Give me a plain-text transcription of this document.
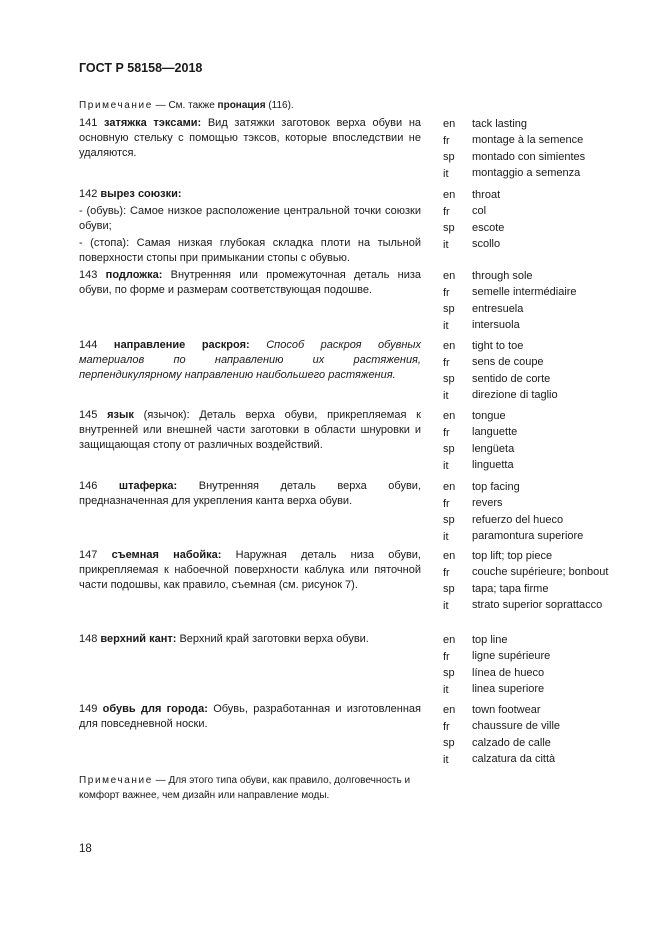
ГОСТ Р 58158—2018
Примечание — См. также пронация (116).

141 затяжка тэксами: Вид затяжки заготовок верха обуви на основную стельку с помощью тэксов, которые впоследствии не удаляются.

en	tack lasting
fr	montage à la semence
sp	montado con simientes
it	montaggio a semenza

142 вырез союзки:

- (обувь): Самое низкое расположение центральной точки союзки обуви;

- (стопа): Самая низкая глубокая складка плоти на тыльной поверхности стопы при примыкании стопы с обувью.

en	throat
fr	col
sp	escote
it	scollo

143 подложка: Внутренняя или промежуточная деталь низа обуви, по форме и размерам соответствующая подошве.

en	through sole
fr	semelle intermédiaire
sp	entresuela
it	intersuola

144 направление раскроя: Способ раскроя обувных материалов по направлению их растяжения, перпендикулярному направлению наибольшего растяжения.

en	tight to toe
fr	sens de coupe
sp	sentido de corte
it	direzione di taglio

145 язык (язычок): Деталь верха обуви, прикрепляемая к внутренней или внешней части заготовки в области шнуровки и защищающая стопу от различных воздействий.

en	tongue
fr	languette
sp	lengüeta
it	linguetta

146 штаферка: Внутренняя деталь верха обуви, предназначенная для укрепления канта верха обуви.

en	top facing
fr	revers
sp	refuerzo del hueco
it	paramontura superiore

147 съемная набойка: Наружная деталь низа обуви, прикрепляемая к набоечной поверхности каблука или пяточной части подошвы, как правило, съемная (см. рисунок 7).

en	top lift; top piece
fr	couche supérieure; bonbout
sp	tapa; tapa firme
it	strato superior soprattacco

148 верхний кант: Верхний край заготовки верха обуви.	en	top line
fr	ligne supérieure
sp	línea de hueco
it	linea superiore

149 обувь для города: Обувь, разработанная и изготовленная для повседневной носки.

en	town footwear
fr	chaussure de ville
sp	calzado de calle
it	calzatura da città
Примечание — Для этого типа обуви, как правило, долговечность и комфорт важнее, чем дизайн или направление моды.
18
